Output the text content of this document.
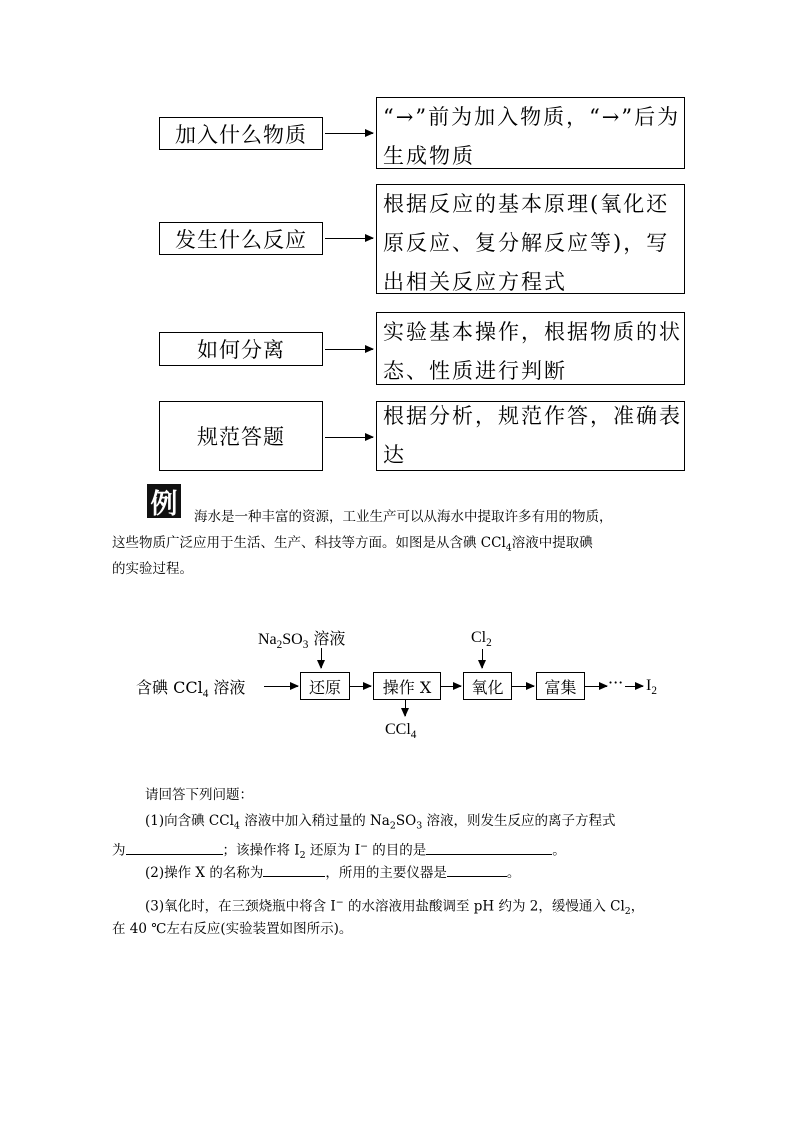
加入什么物质
“→”前为加入物质，“→”后为生成物质
发生什么反应
根据反应的基本原理(氧化还原反应、复分解反应等)，写出相关反应方程式
如何分离
实验基本操作，根据物质的状态、性质进行判断
规范答题
根据分析，规范作答，准确表达
例 海水是一种丰富的资源，工业生产可以从海水中提取许多有用的物质，
这些物质广泛应用于生活、生产、科技等方面。如图是从含碘 CCl$_4$溶液中提取碘
的实验过程。
$Na_2SO_3$ 溶液	$Cl_2$
含碘 CCl$_4$ 溶液	还原	操作 X
CCl$_4$
氧化	富集	··· $I_2$
请回答下列问题：
(1)向含碘 CCl$_4$ 溶液中加入稍过量的 $Na_2SO_3$ 溶液，则发生反应的离子方程式
为	；该操作将 $I_2$ 还原为 I− 的目的是	。
(2)操作 X 的名称为	，所用的主要仪器是	。
(3)氧化时，在三颈烧瓶中将含 I− 的水溶液用盐酸调至 pH 约为 2，缓慢通入 $Cl_2$，
在 40 ℃左右反应(实验装置如图所示)。
